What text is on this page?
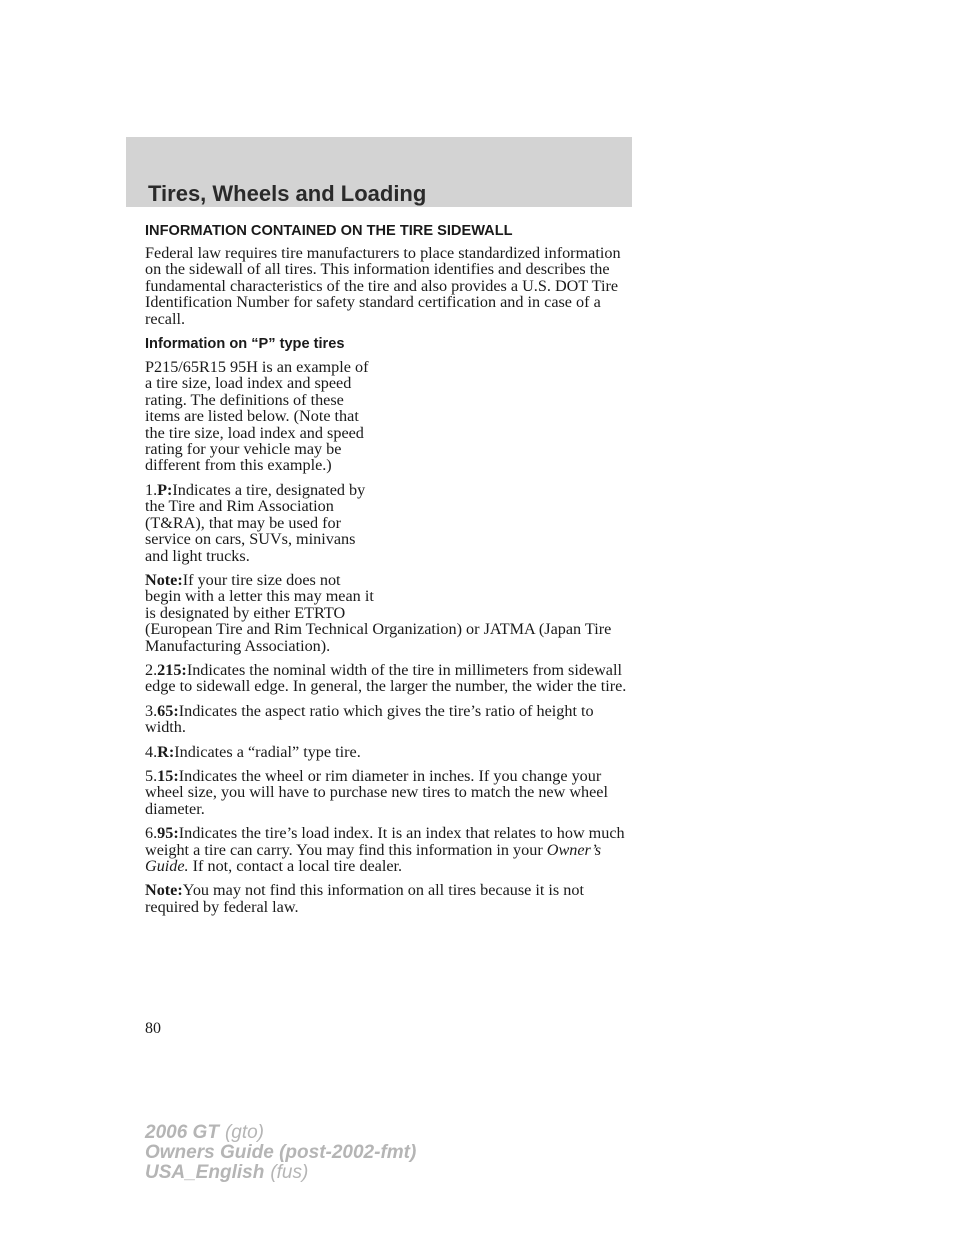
Tires, Wheels and Loading
INFORMATION CONTAINED ON THE TIRE SIDEWALL

Federal law requires tire manufacturers to place standardized information on the sidewall of all tires. This information identifies and describes the fundamental characteristics of the tire and also provides a U.S. DOT Tire Identification Number for safety standard certification and in case of a recall.

Information on “P” type tires

P215/65R15 95H is an example of a tire size, load index and speed rating. The definitions of these items are listed below. (Note that the tire size, load index and speed rating for your vehicle may be different from this example.)

1.P:Indicates a tire, designated by the Tire and Rim Association (T&RA), that may be used for service on cars, SUVs, minivans and light trucks.

Note:If your tire size does not begin with a letter this may mean it is designated by either ETRTO
(European Tire and Rim Technical Organization) or JATMA (Japan Tire Manufacturing Association).

2.215:Indicates the nominal width of the tire in millimeters from sidewall edge to sidewall edge. In general, the larger the number, the wider the tire.

3.65:Indicates the aspect ratio which gives the tire’s ratio of height to width.

4.R:Indicates a “radial” type tire.

5.15:Indicates the wheel or rim diameter in inches. If you change your wheel size, you will have to purchase new tires to match the new wheel diameter.

6.95:Indicates the tire’s load index. It is an index that relates to how much weight a tire can carry. You may find this information in your Owner’s Guide. If not, contact a local tire dealer.

Note:You may not find this information on all tires because it is not required by federal law.

80
2006 GT (gto)
Owners Guide (post-2002-fmt)
USA_English (fus)
